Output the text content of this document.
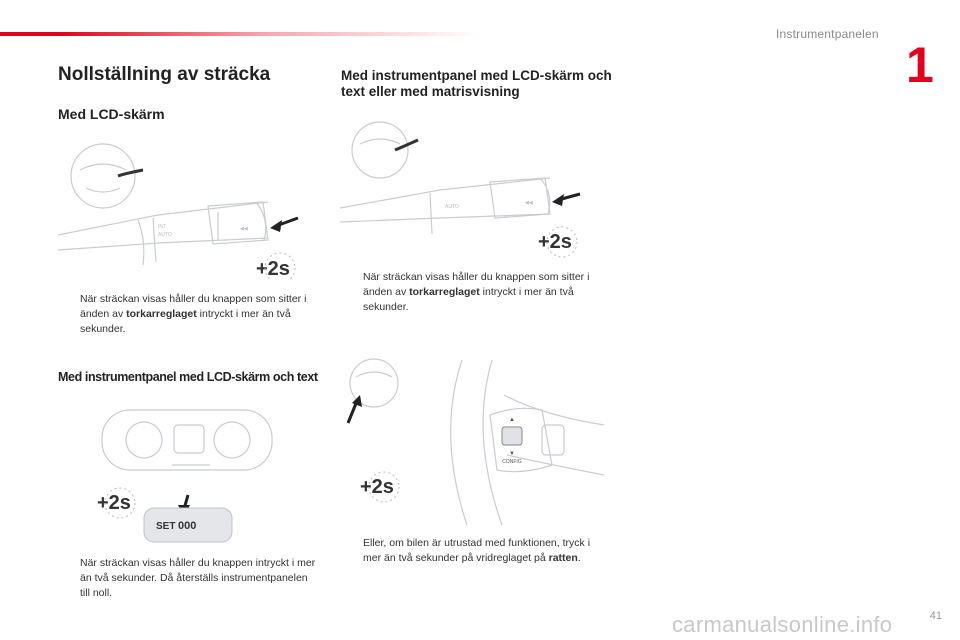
Instrumentpanelen
1
Nollställning av sträcka
Med LCD-skärm
Med instrumentpanel med LCD-skärm och text eller med matrisvisning
AUTO
INT	◀◀
+2s
När sträckan visas håller du knappen som sitter i änden av torkarreglaget intryckt i mer än två sekunder.
Med instrumentpanel med LCD-skärm och text
+2s
SET 000
När sträckan visas håller du knappen intryckt i mer än två sekunder. Då återställs instrumentpanelen till noll.
AUTO
◀◀
+2s
När sträckan visas håller du knappen som sitter i änden av torkarreglaget intryckt i mer än två sekunder.
▲
▼
CONFIG
+2s
Eller, om bilen är utrustad med funktionen, tryck i mer än två sekunder på vridreglaget på ratten.
carmanualsonline.info	41
